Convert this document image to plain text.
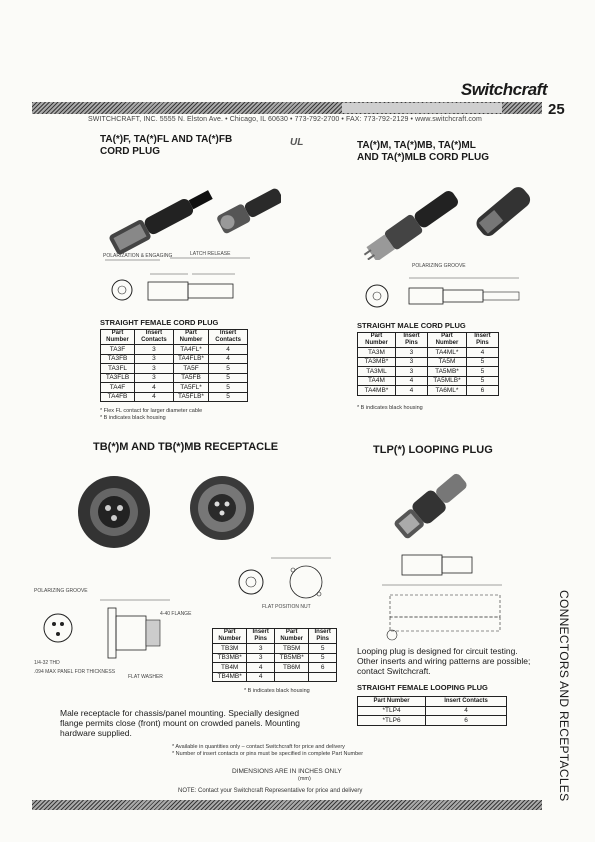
Switchcraft
25
SWITCHCRAFT, INC. 5555 N. Elston Ave. • Chicago, IL 60630 • 773-792-2700 • FAX: 773-792-2129 • www.switchcraft.com
TA(*)F, TA(*)FL AND TA(*)FB
CORD PLUG
UL
POLARIZATION & ENGAGING	LATCH RELEASE
STRAIGHT FEMALE CORD PLUG
Part Number	Insert Contacts	Part Number	Insert Contacts
TA3F	3	TA4FL*	4
TA3FB	3	TA4FLB*	4
TA3FL	3	TA5F	5
TA3FLB	3	TA5FB	5
TA4F	4	TA5FL*	5
TA4FB	4	TA5FLB*	5
* Flex FL contact for larger diameter cable
* B indicates black housing
TA(*)M, TA(*)MB, TA(*)ML
AND TA(*)MLB CORD PLUG
POLARIZING GROOVE
STRAIGHT MALE CORD PLUG
Part Number	Insert Pins	Part Number	Insert Pins
TA3M	3	TA4ML*	4
TA3MB*	3	TA5M	5
TA3ML	3	TA5MB*	5
TA4M	4	TA5MLB*	5
TA4MB*	4	TA6ML*	6
* B indicates black housing
TB(*)M AND TB(*)MB RECEPTACLE
FLAT POSITION NUT
POLARIZING GROOVE
4-40 FLANGE
1/4-32 THD
.094 MAX PANEL FOR THICKNESS
FLAT WASHER
Part Number	Insert Pins	Part Number	Insert Pins
TB3M	3	TB5M	5
TB3MB*	3	TB5MB*	5
TB4M	4	TB6M	6
TB4MB*	4		
* B indicates black housing
Male receptacle for chassis/panel mounting. Specially designed flange permits close (front) mount on crowded panels. Mounting hardware supplied.
TLP(*) LOOPING PLUG
Looping plug is designed for circuit testing. Other inserts and wiring patterns are possible; contact Switchcraft.
STRAIGHT FEMALE LOOPING PLUG
Part Number	Insert Contacts
*TLP4	4
*TLP6	6
* Available in quantities only – contact Switchcraft for price and delivery
* Number of insert contacts or pins must be specified in complete Part Number
DIMENSIONS ARE IN INCHES ONLY
(mm)
NOTE: Contact your Switchcraft Representative for price and delivery	CONNECTORS AND RECEPTACLES
